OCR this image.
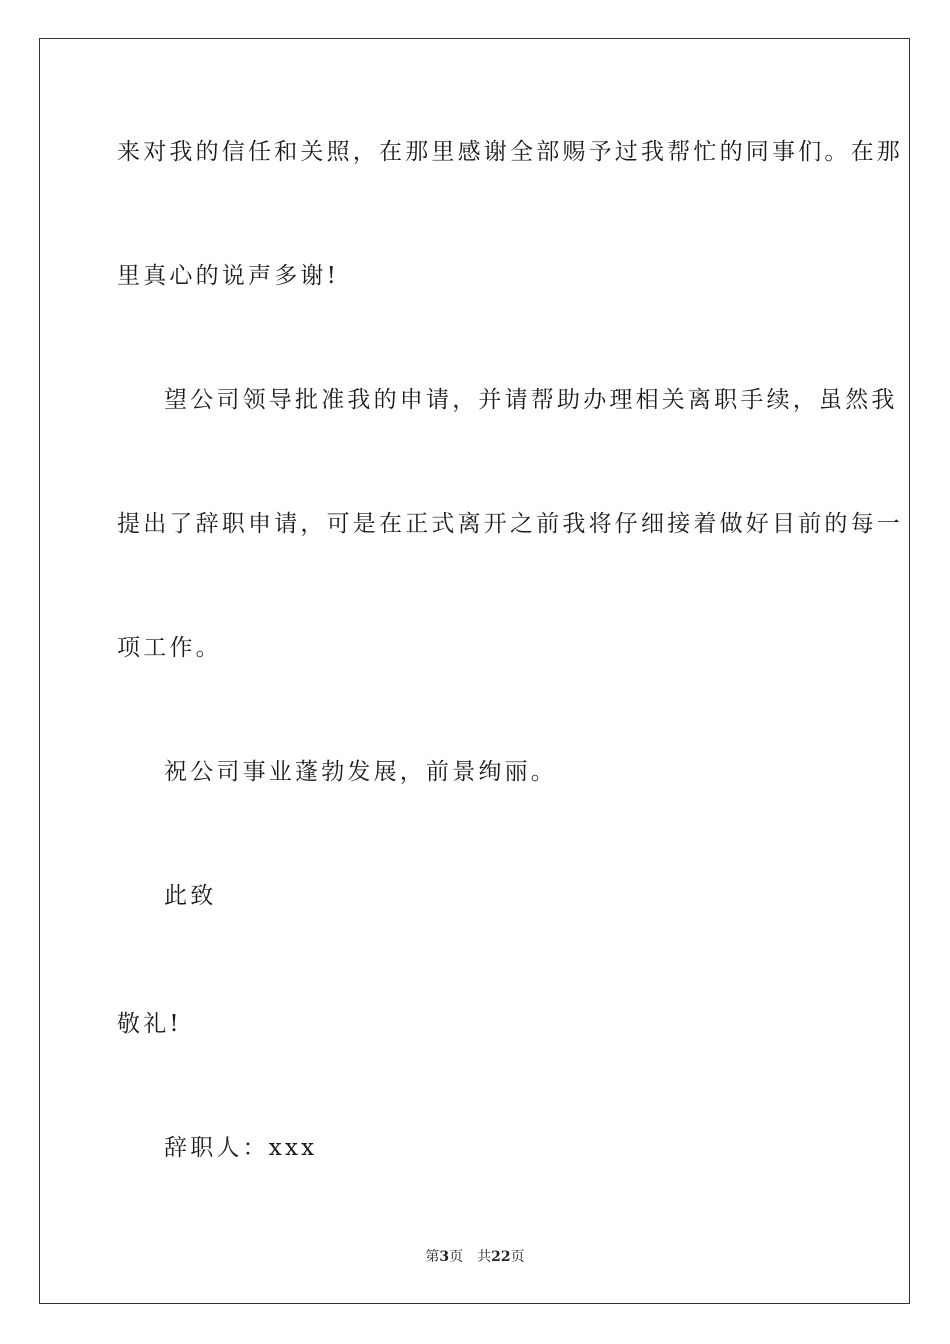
来对我的信任和关照，在那里感谢全部赐予过我帮忙的同事们。在那
里真心的说声多谢!
望公司领导批准我的申请，并请帮助办理相关离职手续，虽然我
提出了辞职申请，可是在正式离开之前我将仔细接着做好目前的每一
项工作。
祝公司事业蓬勃发展，前景绚丽。
此致
敬礼!
辞职人：xxx
第3页 共22页
